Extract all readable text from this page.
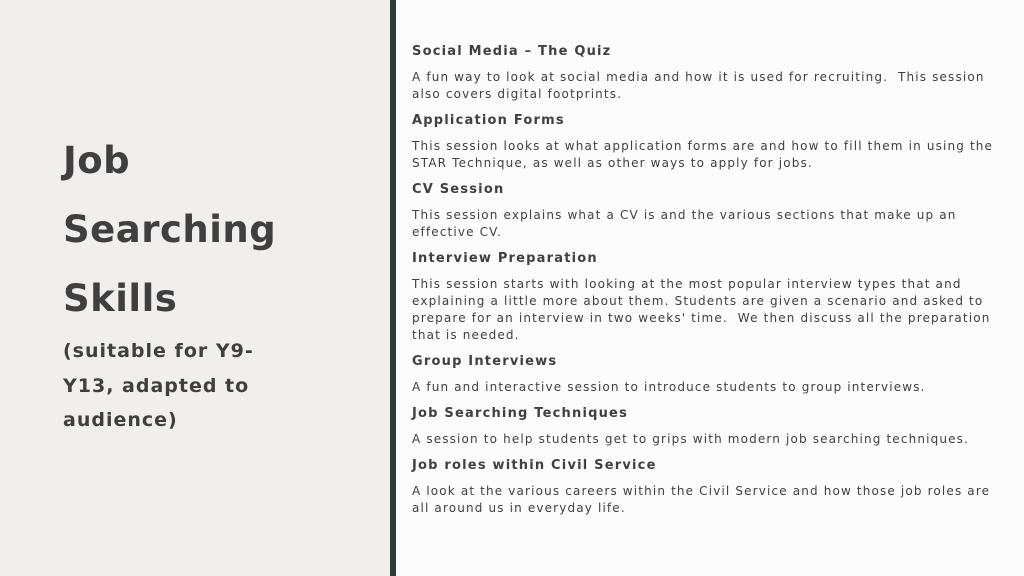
Job
Searching
Skills
(suitable for Y9-Y13, adapted to audience)

Social Media – The Quiz

A fun way to look at social media and how it is used for recruiting.  This session also covers digital footprints.

Application Forms

This session looks at what application forms are and how to fill them in using the STAR Technique, as well as other ways to apply for jobs.

CV Session

This session explains what a CV is and the various sections that make up an effective CV.

Interview Preparation

This session starts with looking at the most popular interview types that and explaining a little more about them. Students are given a scenario and asked to prepare for an interview in two weeks' time.  We then discuss all the preparation that is needed.

Group Interviews

A fun and interactive session to introduce students to group interviews.

Job Searching Techniques

A session to help students get to grips with modern job searching techniques.

Job roles within Civil Service

A look at the various careers within the Civil Service and how those job roles are all around us in everyday life.
